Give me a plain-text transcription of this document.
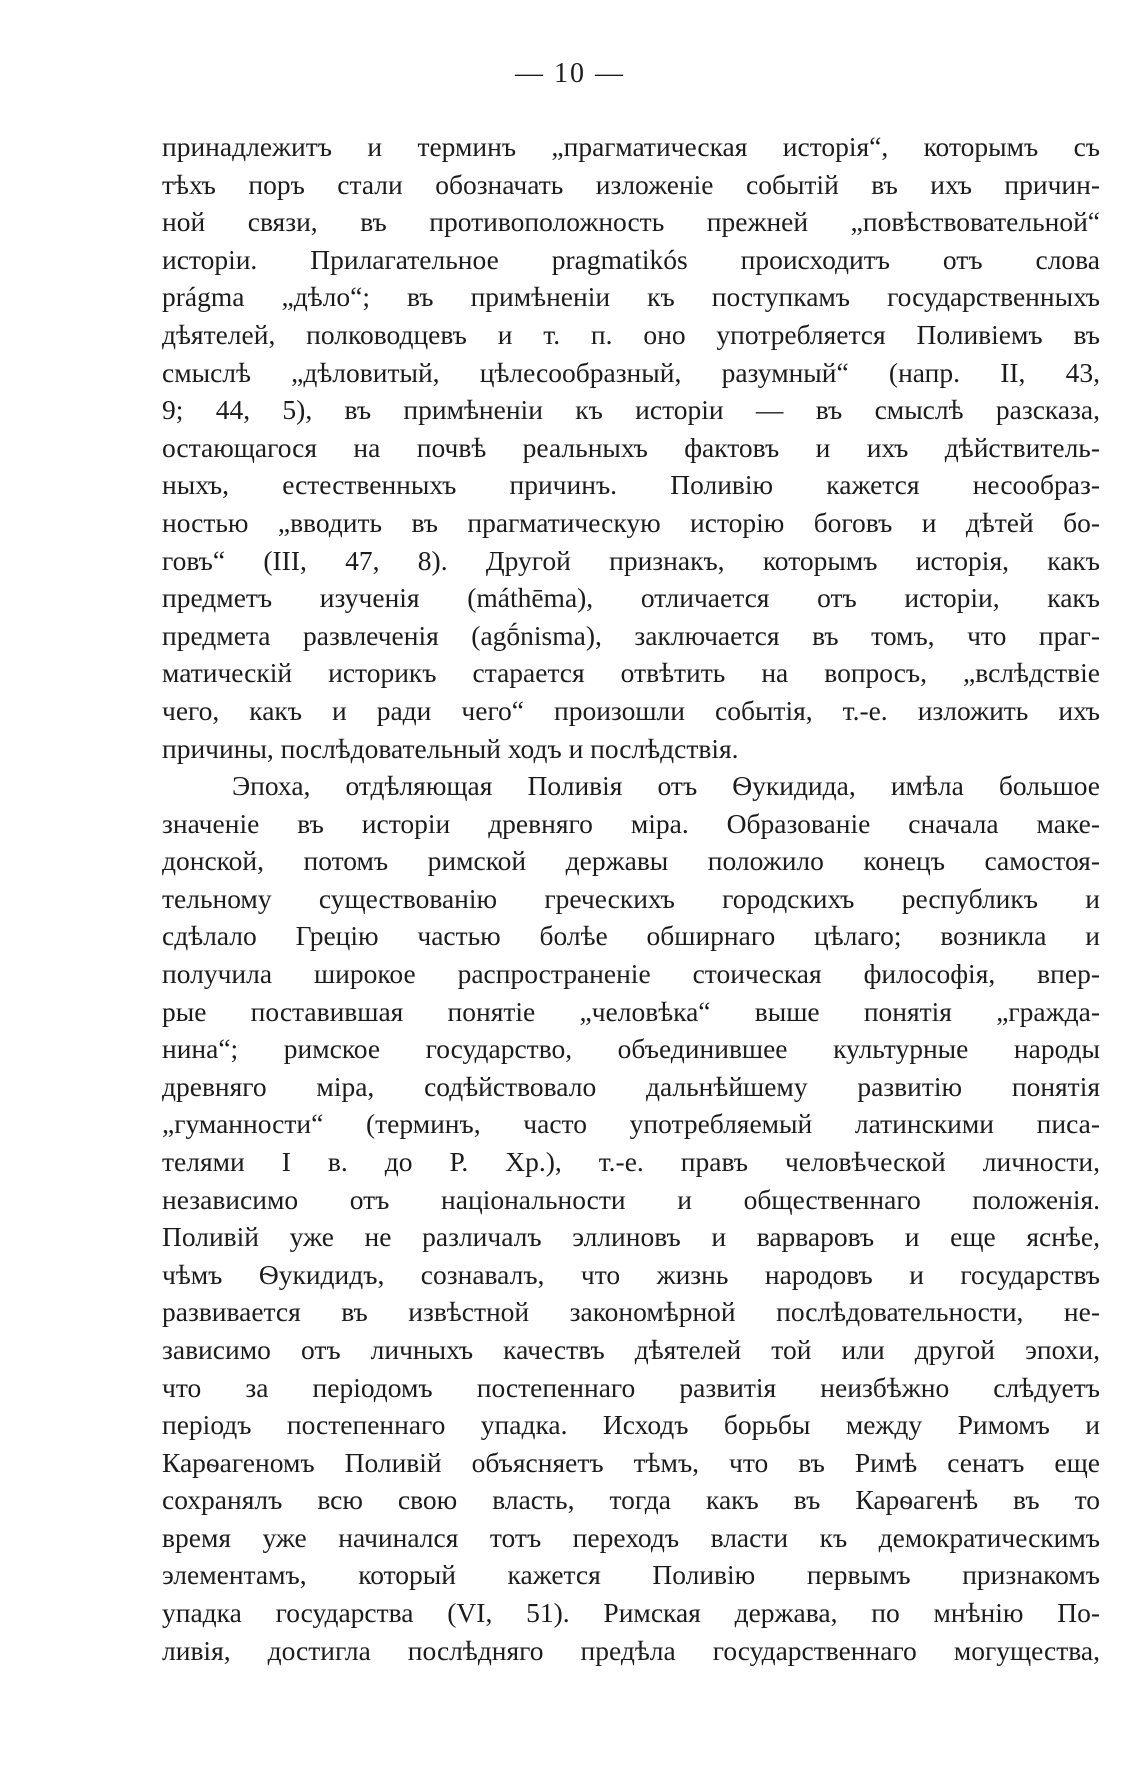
— 10 —
принадлежитъ и терминъ „прагматическая исторія“, которымъ съ
тѣхъ поръ стали обозначать изложеніе событій въ ихъ причин-
ной связи, въ противоположность прежней „повѣствовательной“
исторіи. Прилагательное pragmatikós происходитъ отъ слова
prágma „дѣло“; въ примѣненіи къ поступкамъ государственныхъ
дѣятелей, полководцевъ и т. п. оно употребляется Поливіемъ въ
смыслѣ „дѣловитый, цѣлесообразный, разумный“ (напр. II, 43,
9; 44, 5), въ примѣненіи къ исторіи — въ смыслѣ разсказа,
остающагося на почвѣ реальныхъ фактовъ и ихъ дѣйствитель-
ныхъ, естественныхъ причинъ. Поливію кажется несообраз-
ностью „вводить въ прагматическую исторію боговъ и дѣтей бо-
говъ“ (III, 47, 8). Другой признакъ, которымъ исторія, какъ
предметъ изученія (máthēma), отличается отъ исторіи, какъ
предмета развлеченія (agṓnisma), заключается въ томъ, что праг-
матическій историкъ старается отвѣтить на вопросъ, „вслѣдствіе
чего, какъ и ради чего“ произошли событія, т.-е. изложить ихъ
причины, послѣдовательный ходъ и послѣдствія.
Эпоха, отдѣляющая Поливія отъ Ѳукидида, имѣла большое
значеніе въ исторіи древняго міра. Образованіе сначала маке-
донской, потомъ римской державы положило конецъ самостоя-
тельному существованію греческихъ городскихъ республикъ и
сдѣлало Грецію частью болѣе обширнаго цѣлаго; возникла и
получила широкое распространеніе стоическая философія, впер-
рые поставившая понятіе „человѣка“ выше понятія „гражда-
нина“; римское государство, объединившее культурные народы
древняго міра, содѣйствовало дальнѣйшему развитію понятія
„гуманности“ (терминъ, часто употребляемый латинскими писа-
телями I в. до Р. Хр.), т.-е. правъ человѣческой личности,
независимо отъ національности и общественнаго положенія.
Поливій уже не различалъ эллиновъ и варваровъ и еще яснѣе,
чѣмъ Ѳукидидъ, сознавалъ, что жизнь народовъ и государствъ
развивается въ извѣстной закономѣрной послѣдовательности, не-
зависимо отъ личныхъ качествъ дѣятелей той или другой эпохи,
что за періодомъ постепеннаго развитія неизбѣжно слѣдуетъ
періодъ постепеннаго упадка. Исходъ борьбы между Римомъ и
Карѳагеномъ Поливій объясняетъ тѣмъ, что въ Римѣ сенатъ еще
сохранялъ всю свою власть, тогда какъ въ Карѳагенѣ въ то
время уже начинался тотъ переходъ власти къ демократическимъ
элементамъ, который кажется Поливію первымъ признакомъ
упадка государства (VI, 51). Римская держава, по мнѣнію По-
ливія, достигла послѣдняго предѣла государственнаго могущества,
